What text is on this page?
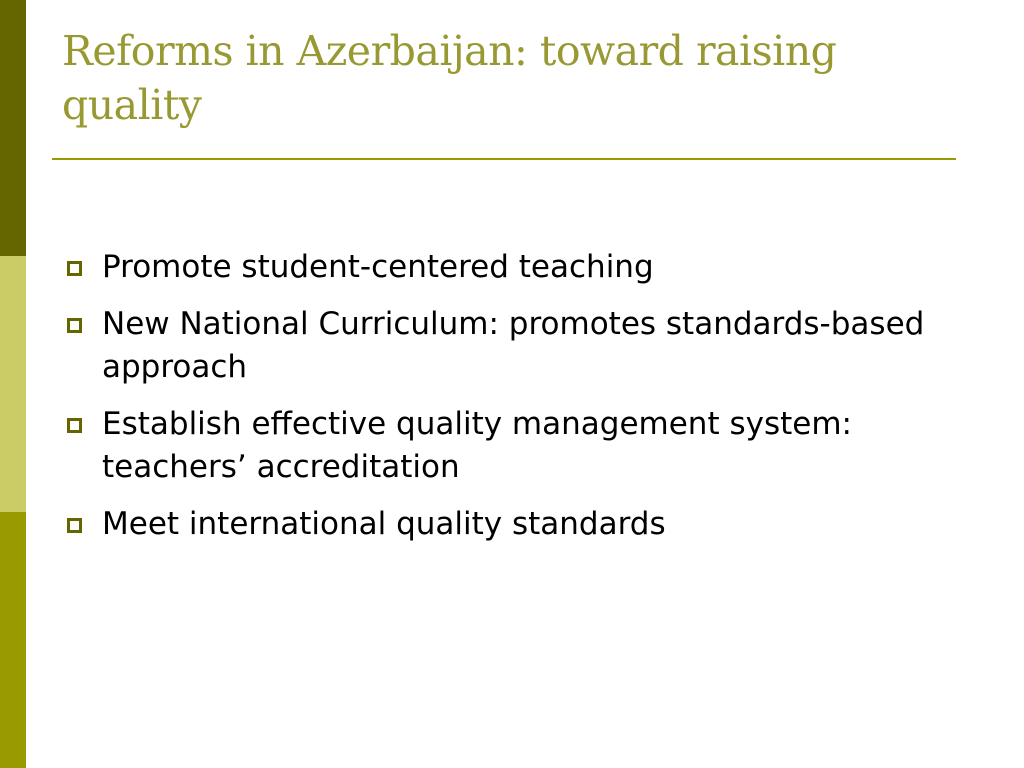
Reforms in Azerbaijan: toward raising quality
Promote student-centered teaching
New National Curriculum: promotes standards-based approach
Establish effective quality management system: teachers’ accreditation
Meet international quality standards
